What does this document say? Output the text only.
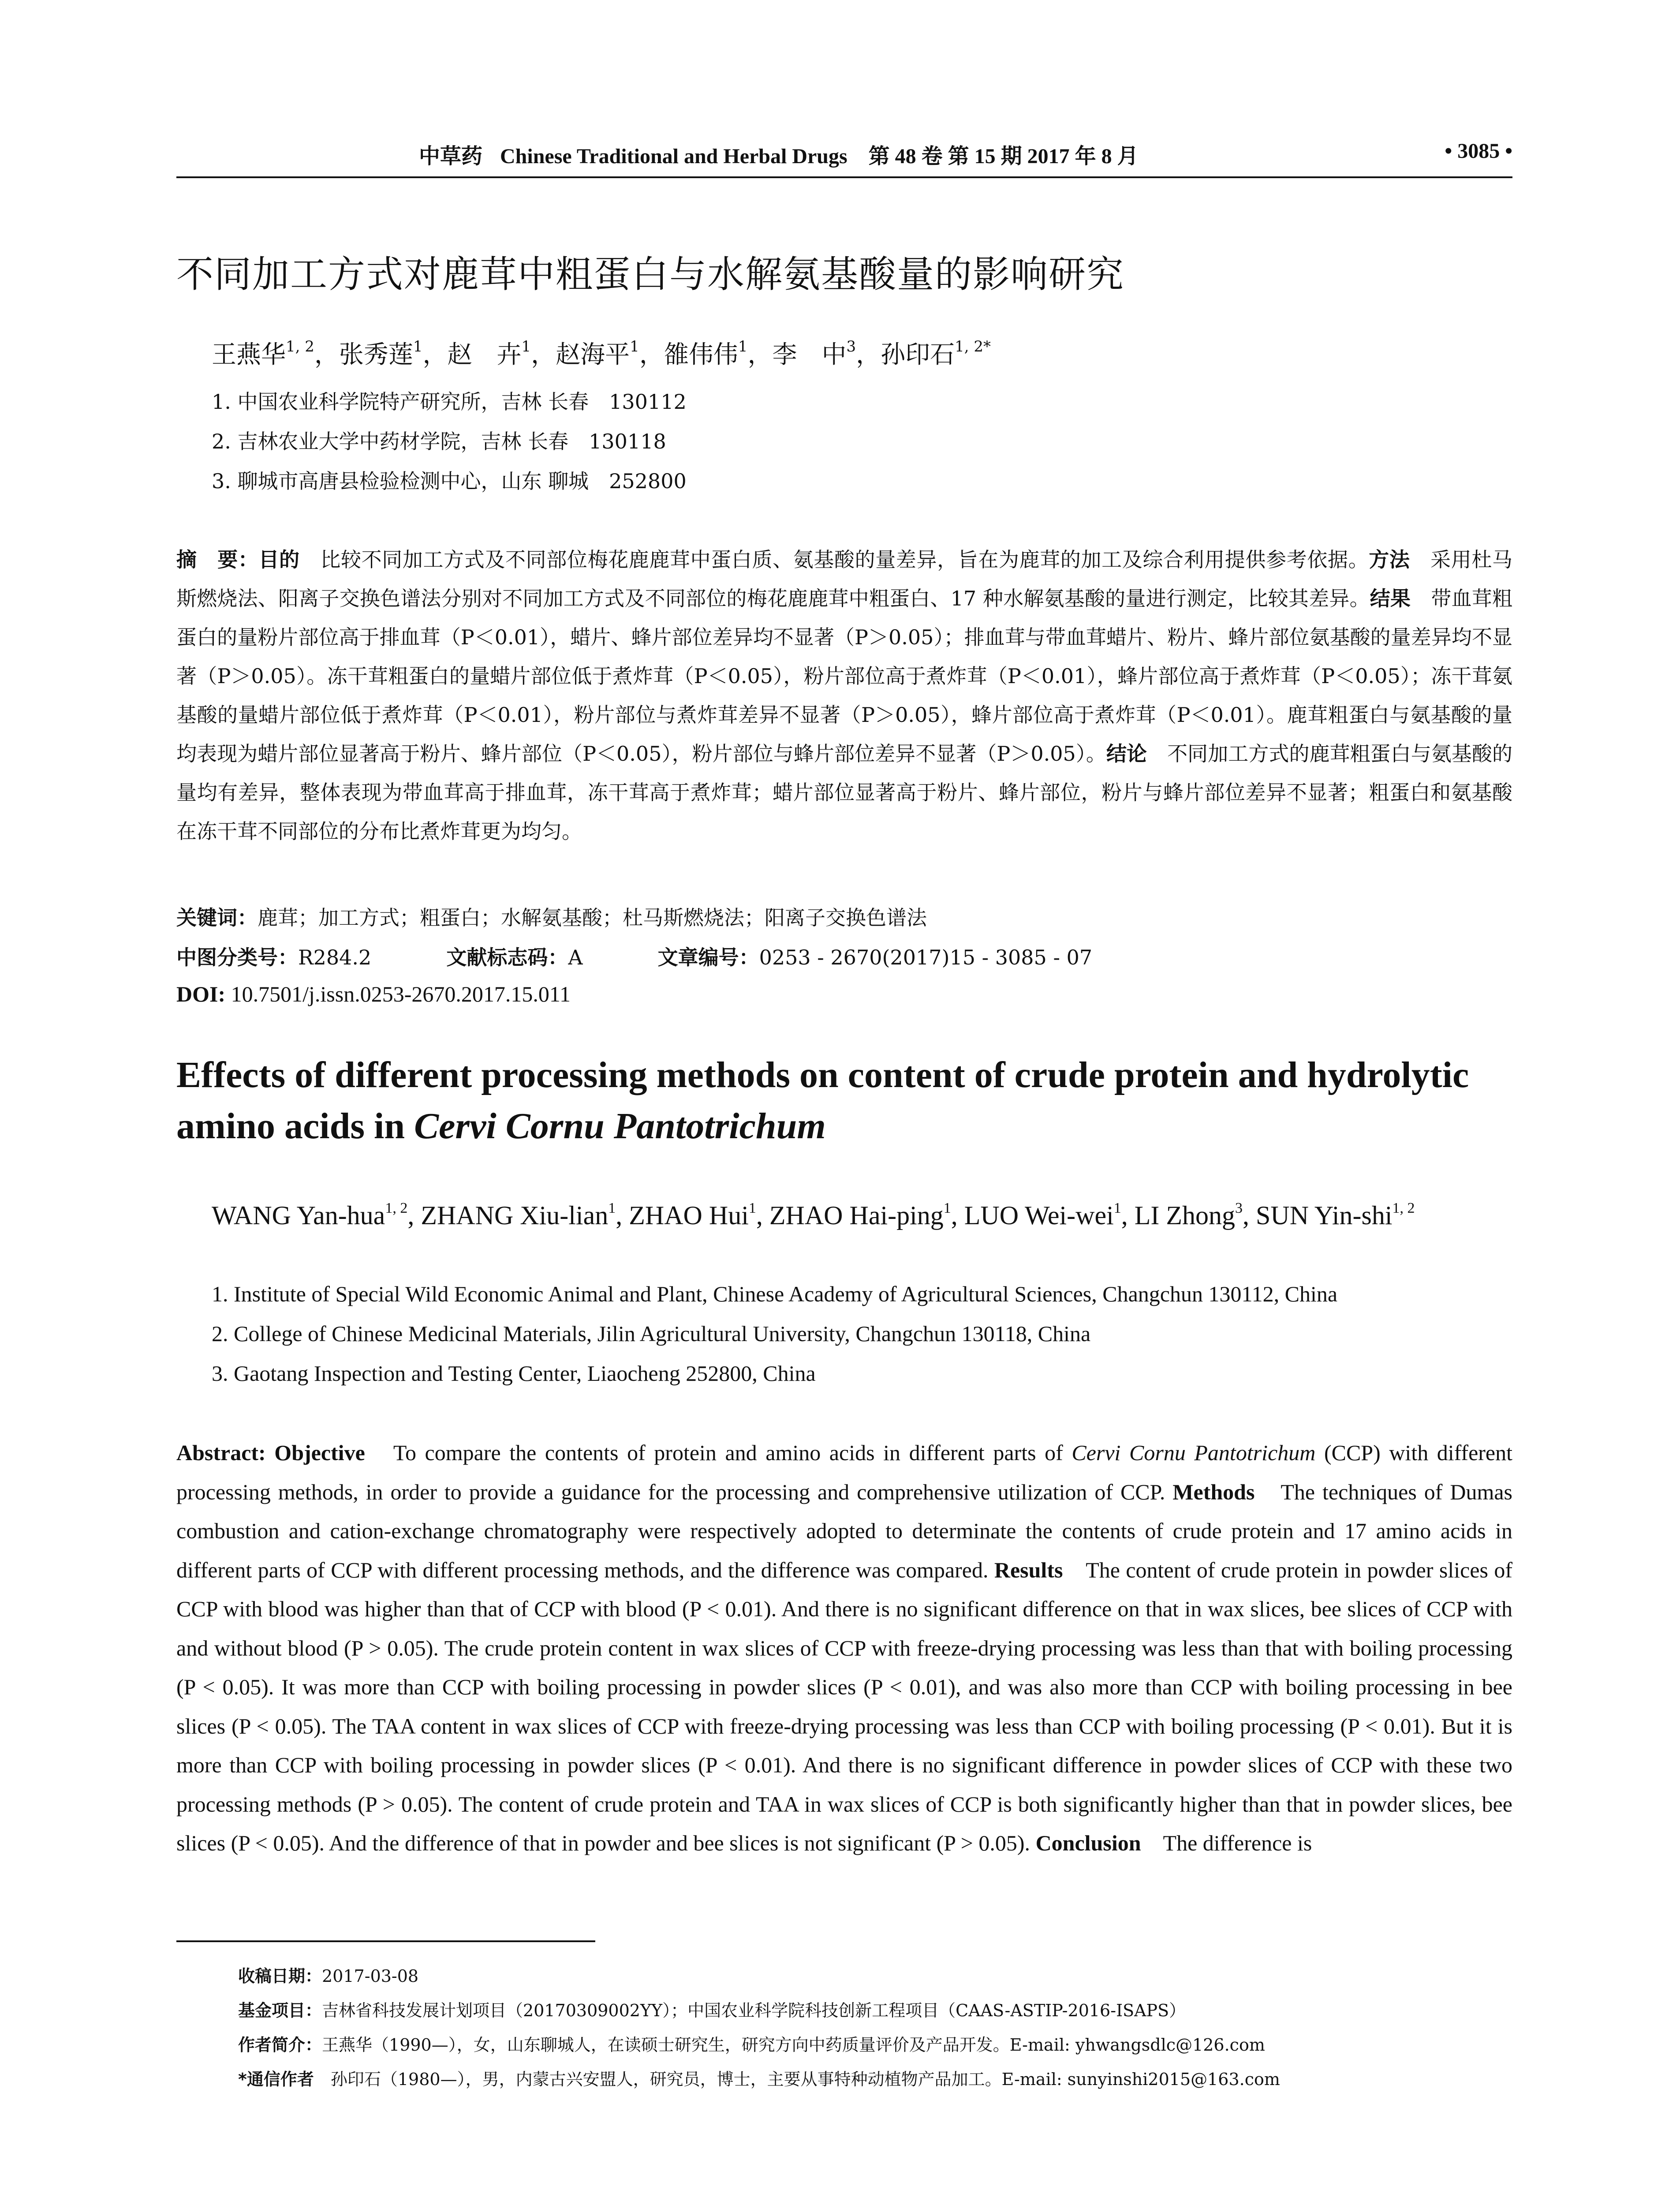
中草药 Chinese Traditional and Herbal Drugs　第 48 卷 第 15 期 2017 年 8 月	• 3085 •
不同加工方式对鹿茸中粗蛋白与水解氨基酸量的影响研究
王燕华$^{1, 2}$，张秀莲$^1$，赵　卉$^1$，赵海平$^1$，雒伟伟$^1$，李　中$^3$，孙印石$^{1, 2*}$
1. 中国农业科学院特产研究所，吉林 长春　130112
2. 吉林农业大学中药材学院，吉林 长春　130118
3. 聊城市高唐县检验检测中心，山东 聊城　252800
摘　要：目的　比较不同加工方式及不同部位梅花鹿鹿茸中蛋白质、氨基酸的量差异，旨在为鹿茸的加工及综合利用提供参考依据。方法　采用杜马斯燃烧法、阳离子交换色谱法分别对不同加工方式及不同部位的梅花鹿鹿茸中粗蛋白、17 种水解氨基酸的量进行测定，比较其差异。结果　带血茸粗蛋白的量粉片部位高于排血茸（P＜0.01），蜡片、蜂片部位差异均不显著（P＞0.05）；排血茸与带血茸蜡片、粉片、蜂片部位氨基酸的量差异均不显著（P＞0.05）。冻干茸粗蛋白的量蜡片部位低于煮炸茸（P＜0.05），粉片部位高于煮炸茸（P＜0.01），蜂片部位高于煮炸茸（P＜0.05）；冻干茸氨基酸的量蜡片部位低于煮炸茸（P＜0.01），粉片部位与煮炸茸差异不显著（P＞0.05），蜂片部位高于煮炸茸（P＜0.01）。鹿茸粗蛋白与氨基酸的量均表现为蜡片部位显著高于粉片、蜂片部位（P＜0.05），粉片部位与蜂片部位差异不显著（P＞0.05）。结论　不同加工方式的鹿茸粗蛋白与氨基酸的量均有差异，整体表现为带血茸高于排血茸，冻干茸高于煮炸茸；蜡片部位显著高于粉片、蜂片部位，粉片与蜂片部位差异不显著；粗蛋白和氨基酸在冻干茸不同部位的分布比煮炸茸更为均匀。
关键词：鹿茸；加工方式；粗蛋白；水解氨基酸；杜马斯燃烧法；阳离子交换色谱法
中图分类号：R284.2	文献标志码：A	文章编号：0253 - 2670(2017)15 - 3085 - 07
DOI: 10.7501/j.issn.0253-2670.2017.15.011
Effects of different processing methods on content of crude protein and hydrolytic amino acids in Cervi Cornu Pantotrichum
WANG Yan-hua$^{1, 2}$, ZHANG Xiu-lian$^1$, ZHAO Hui$^1$, ZHAO Hai-ping$^1$, LUO Wei-wei$^1$, LI Zhong$^3$, SUN Yin-shi$^{1, 2}$
1. Institute of Special Wild Economic Animal and Plant, Chinese Academy of Agricultural Sciences, Changchun 130112, China
2. College of Chinese Medicinal Materials, Jilin Agricultural University, Changchun 130118, China
3. Gaotang Inspection and Testing Center, Liaocheng 252800, China
Abstract: Objective　To compare the contents of protein and amino acids in different parts of Cervi Cornu Pantotrichum (CCP) with different processing methods, in order to provide a guidance for the processing and comprehensive utilization of CCP. Methods　The techniques of Dumas combustion and cation-exchange chromatography were respectively adopted to determinate the contents of crude protein and 17 amino acids in different parts of CCP with different processing methods, and the difference was compared. Results　The content of crude protein in powder slices of CCP with blood was higher than that of CCP with blood (P < 0.01). And there is no significant difference on that in wax slices, bee slices of CCP with and without blood (P > 0.05). The crude protein content in wax slices of CCP with freeze-drying processing was less than that with boiling processing (P < 0.05). It was more than CCP with boiling processing in powder slices (P < 0.01), and was also more than CCP with boiling processing in bee slices (P < 0.05). The TAA content in wax slices of CCP with freeze-drying processing was less than CCP with boiling processing (P < 0.01). But it is more than CCP with boiling processing in powder slices (P < 0.01). And there is no significant difference in powder slices of CCP with these two processing methods (P > 0.05). The content of crude protein and TAA in wax slices of CCP is both significantly higher than that in powder slices, bee slices (P < 0.05). And the difference of that in powder and bee slices is not significant (P > 0.05). Conclusion　The difference is
收稿日期：2017-03-08
基金项目：吉林省科技发展计划项目（20170309002YY）；中国农业科学院科技创新工程项目（CAAS-ASTIP-2016-ISAPS）
作者简介：王燕华（1990—），女，山东聊城人，在读硕士研究生，研究方向中药质量评价及产品开发。E-mail: yhwangsdlc@126.com
*通信作者　孙印石（1980—），男，内蒙古兴安盟人，研究员，博士，主要从事特种动植物产品加工。E-mail: sunyinshi2015@163.com
